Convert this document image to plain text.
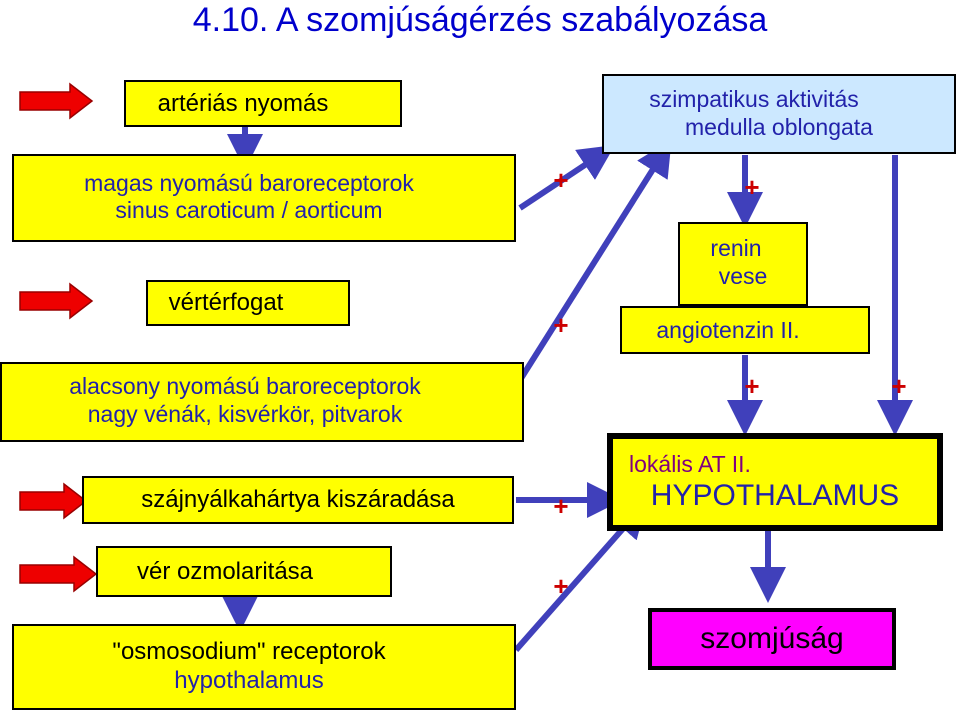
4.10. A szomjúságérzés szabályozása
artériás nyomás
magas nyomású baroreceptorok
sinus caroticum / aorticum
vértérfogat
alacsony nyomású baroreceptorok
nagy vénák, kisvérkör, pitvarok
szájnyálkahártya kiszáradása
vér ozmolaritása
"osmosodium" receptorok
hypothalamus
szimpatikus aktivitás
medulla oblongata
renin
vese
angiotenzin II.
lokális AT II.
HYPOTHALAMUS
szomjúság
+
+
+
+
+
+	+
